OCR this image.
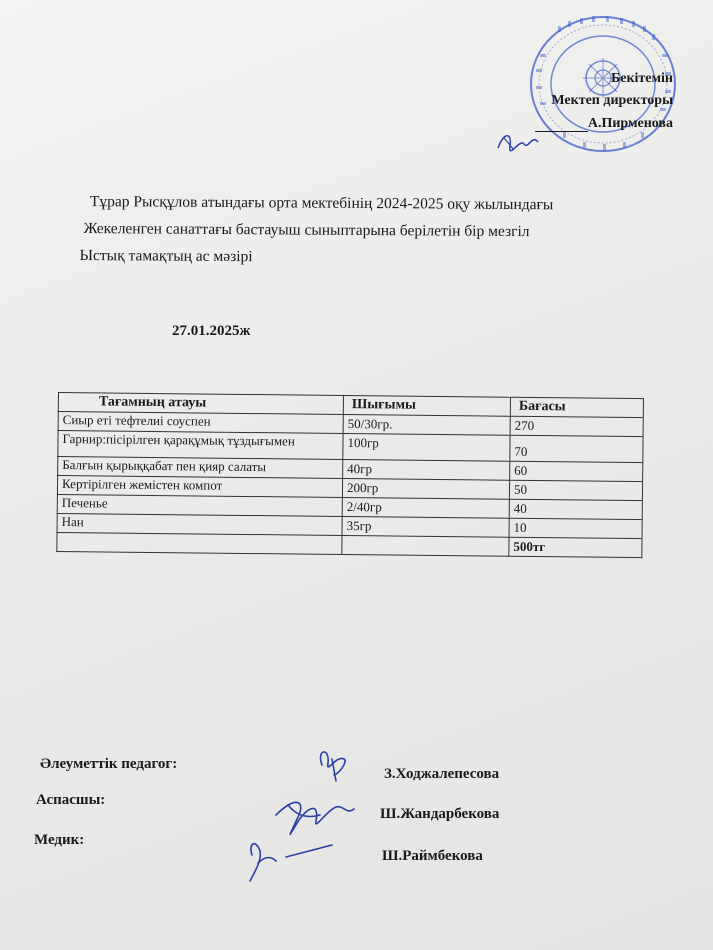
Бекітемін
Мектеп директоры
​          А.Пирменова
Тұрар Рысқұлов атындағы орта мектебінің 2024-2025 оқу жылындағы
Жекеленген санаттағы бастауыш сыныптарына берілетін бір мезгіл
Ыстық тамақтың ас мәзірі
27.01.2025ж
Тағамның атауы	Шығымы	Бағасы
Сиыр еті тефтелиі соуспен	50/30гр.	270
Гарнир:пісірілген қарақұмық тұздығымен	100гр	70
Балғын қырыққабат пен қияр салаты	40гр	60
Кертірілген жемістен компот	200гр	50
Печенье	2/40гр	40
Нан	35гр	10
		500тг
Әлеуметтік педагог:
Аспасшы:
Медик:
З.Ходжалепесова
Ш.Жандарбекова
Ш.Раймбекова
